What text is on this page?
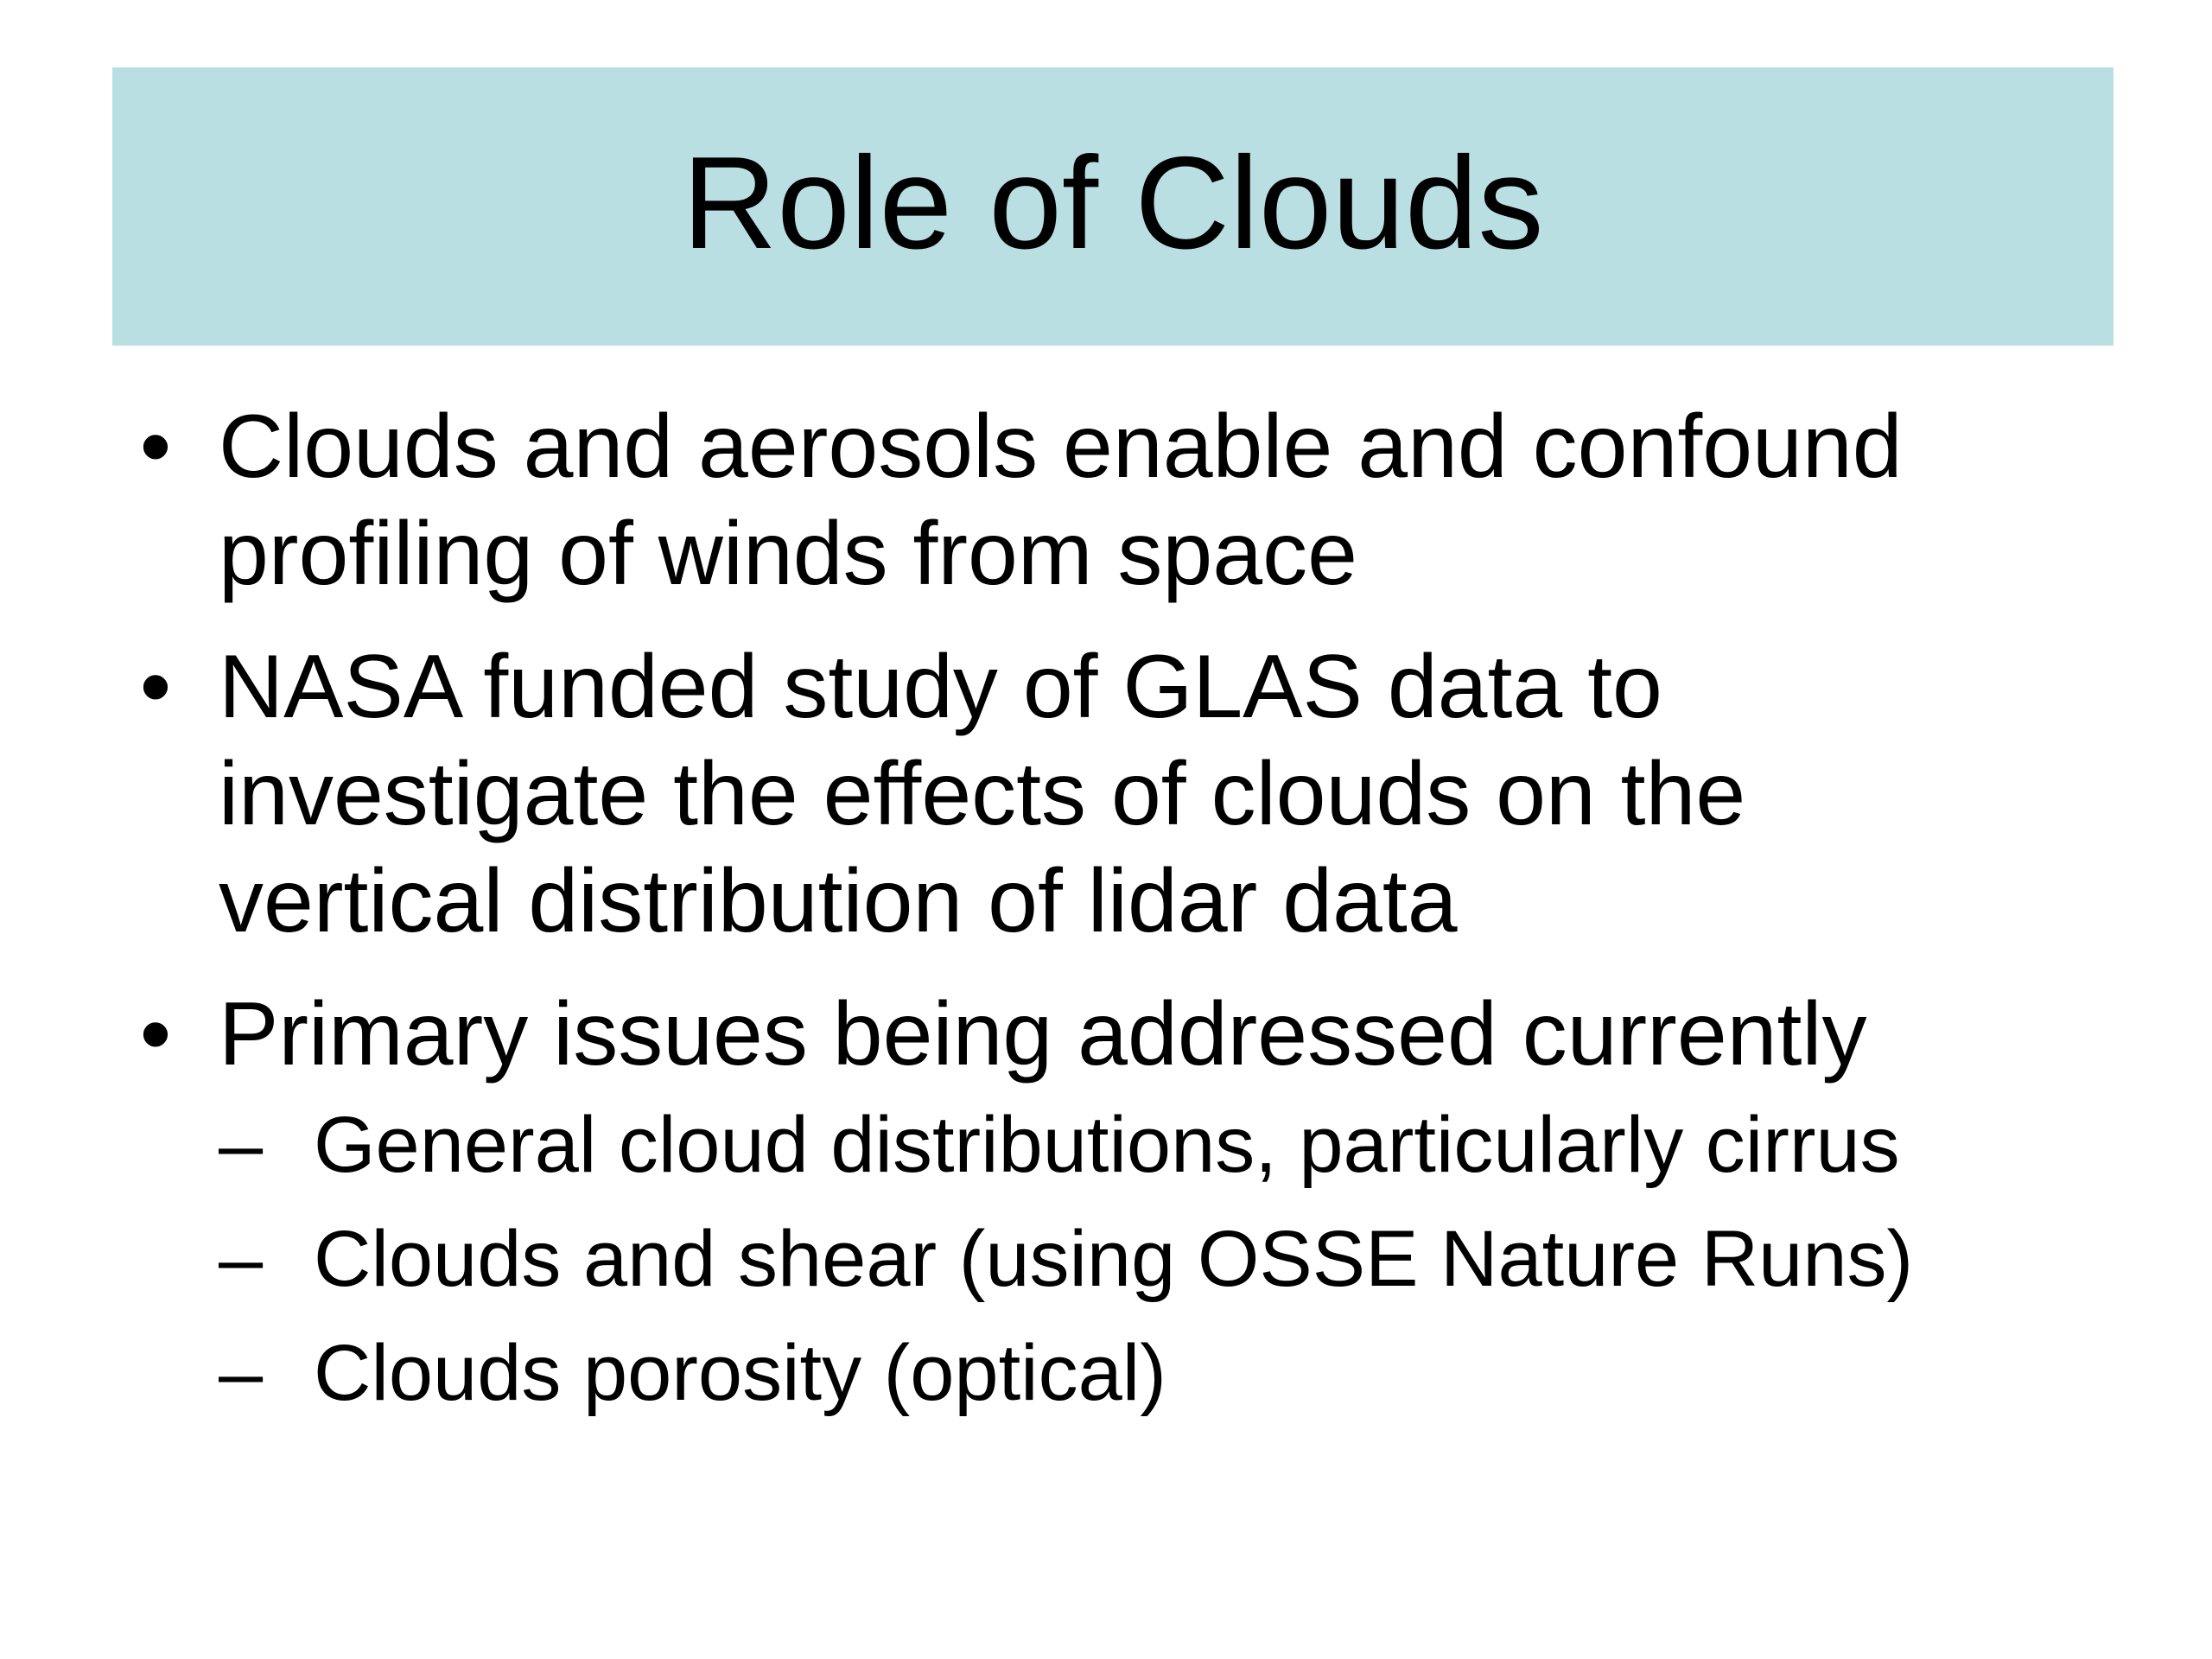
Role of Clouds
• Clouds and aerosols enable and confound
profiling of winds from space
• NASA funded study of GLAS data to
investigate the effects of clouds on the
vertical distribution of lidar data
• Primary issues being addressed currently
– General cloud distributions, particularly cirrus
– Clouds and shear (using OSSE Nature Runs)
– Clouds porosity (optical)
